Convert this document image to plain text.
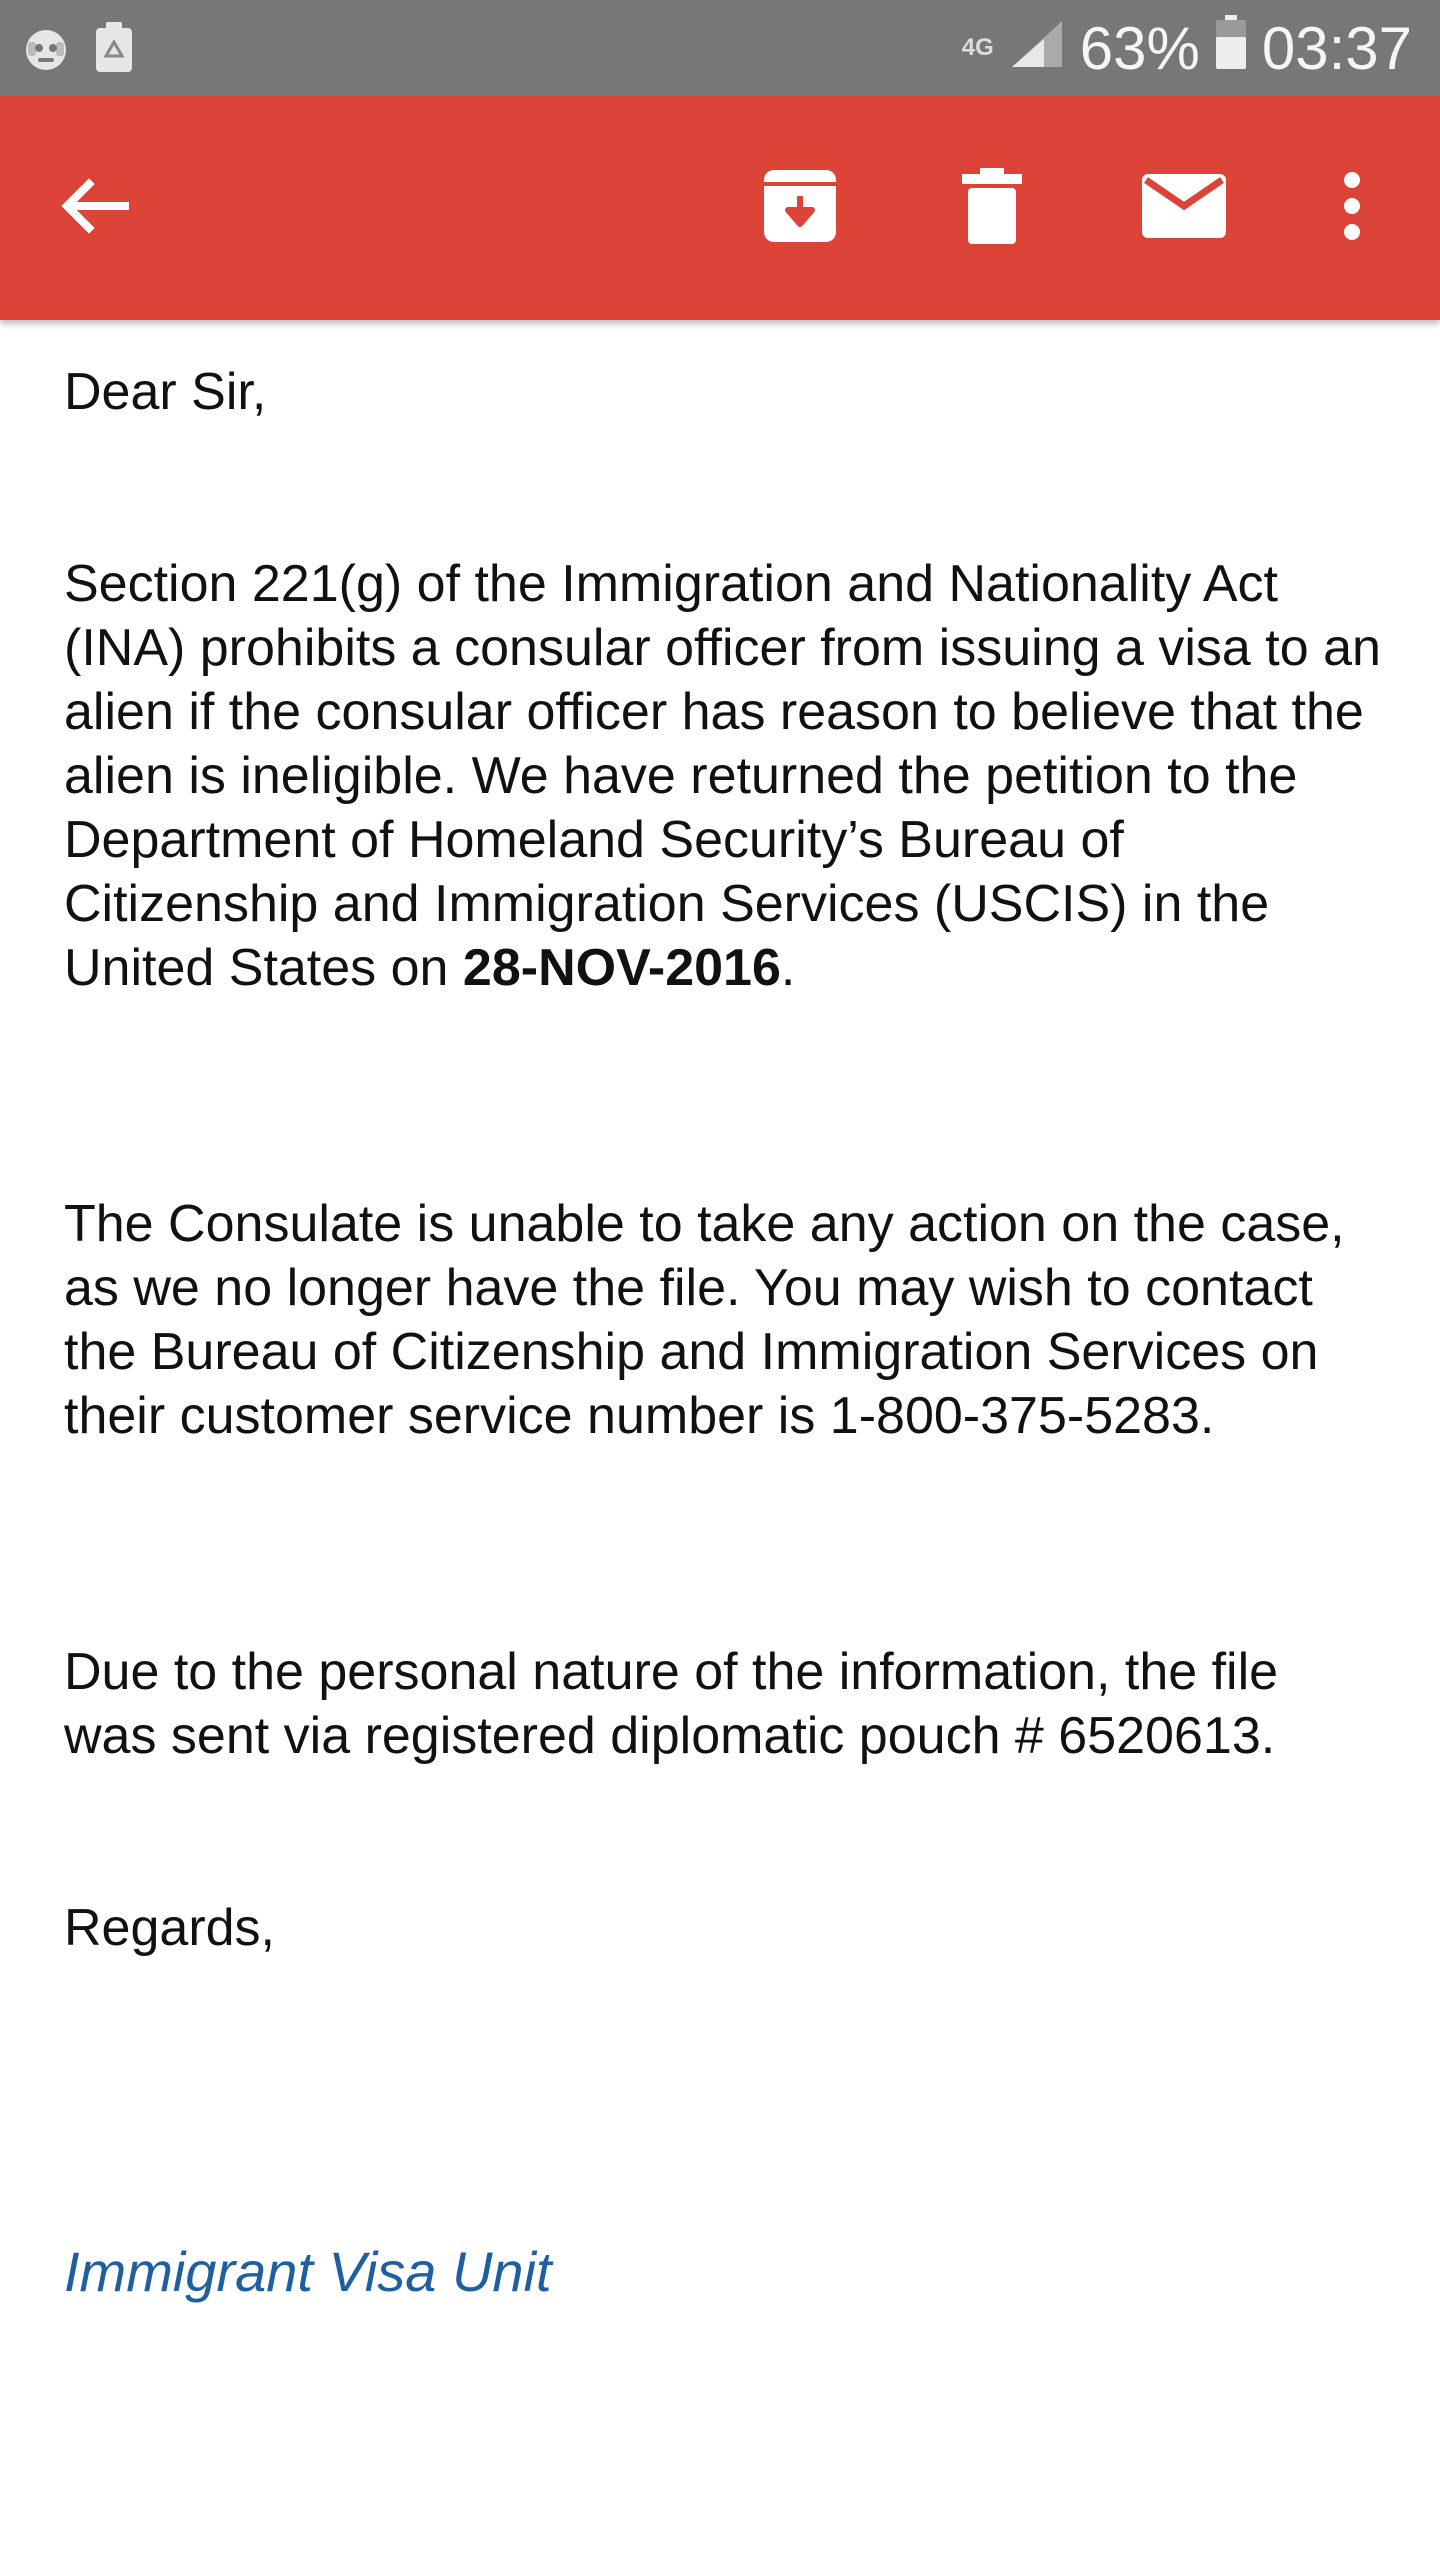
4G 63% 03:37

Dear Sir,

Section 221(g) of the Immigration and Nationality Act (INA) prohibits a consular officer from issuing a visa to an alien if the consular officer has reason to believe that the alien is ineligible. We have returned the petition to the Department of Homeland Security’s Bureau of Citizenship and Immigration Services (USCIS) in the United States on 28-NOV-2016.

The Consulate is unable to take any action on the case, as we no longer have the file. You may wish to contact the Bureau of Citizenship and Immigration Services on their customer service number is 1-800-375-5283.

Due to the personal nature of the information, the file was sent via registered diplomatic pouch # 6520613.

Regards,

Immigrant Visa Unit
